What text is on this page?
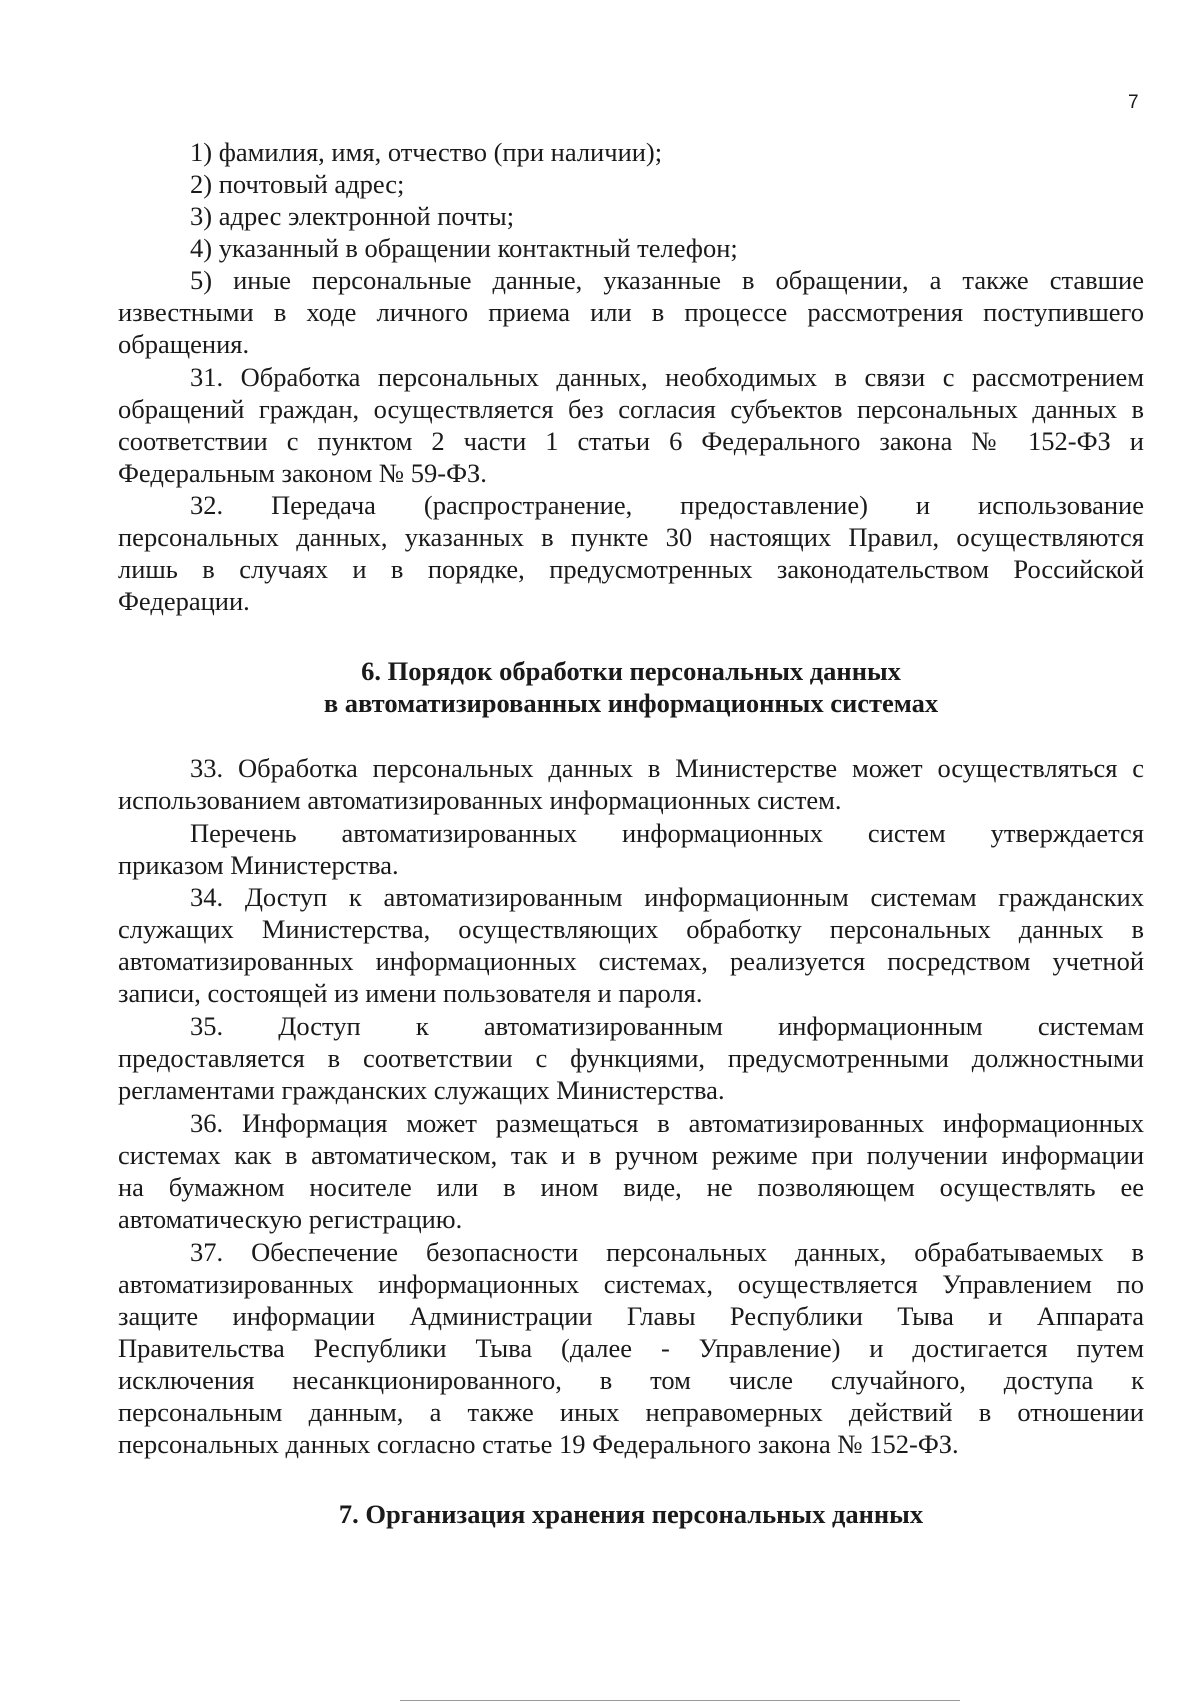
7
1) фамилия, имя, отчество (при наличии);
2) почтовый адрес;
3) адрес электронной почты;
4) указанный в обращении контактный телефон;
5) иные персональные данные, указанные в обращении, а также ставшие
известными в ходе личного приема или в процессе рассмотрения поступившего
обращения.
31. Обработка персональных данных, необходимых в связи с рассмотрением
обращений граждан, осуществляется без согласия субъектов персональных данных в
соответствии с пунктом 2 части 1 статьи 6 Федерального закона № 152-ФЗ и
Федеральным законом № 59-ФЗ.
32. Передача (распространение, предоставление) и использование
персональных данных, указанных в пункте 30 настоящих Правил, осуществляются
лишь в случаях и в порядке, предусмотренных законодательством Российской
Федерации.
6. Порядок обработки персональных данных
в автоматизированных информационных системах
33. Обработка персональных данных в Министерстве может осуществляться с
использованием автоматизированных информационных систем.
Перечень автоматизированных информационных систем утверждается
приказом Министерства.
34. Доступ к автоматизированным информационным системам гражданских
служащих Министерства, осуществляющих обработку персональных данных в
автоматизированных информационных системах, реализуется посредством учетной
записи, состоящей из имени пользователя и пароля.
35. Доступ к автоматизированным информационным системам
предоставляется в соответствии с функциями, предусмотренными должностными
регламентами гражданских служащих Министерства.
36. Информация может размещаться в автоматизированных информационных
системах как в автоматическом, так и в ручном режиме при получении информации
на бумажном носителе или в ином виде, не позволяющем осуществлять ее
автоматическую регистрацию.
37. Обеспечение безопасности персональных данных, обрабатываемых в
автоматизированных информационных системах, осуществляется Управлением по
защите информации Администрации Главы Республики Тыва и Аппарата
Правительства Республики Тыва (далее - Управление) и достигается путем
исключения несанкционированного, в том числе случайного, доступа к
персональным данным, а также иных неправомерных действий в отношении
персональных данных согласно статье 19 Федерального закона № 152-ФЗ.
7. Организация хранения персональных данных
